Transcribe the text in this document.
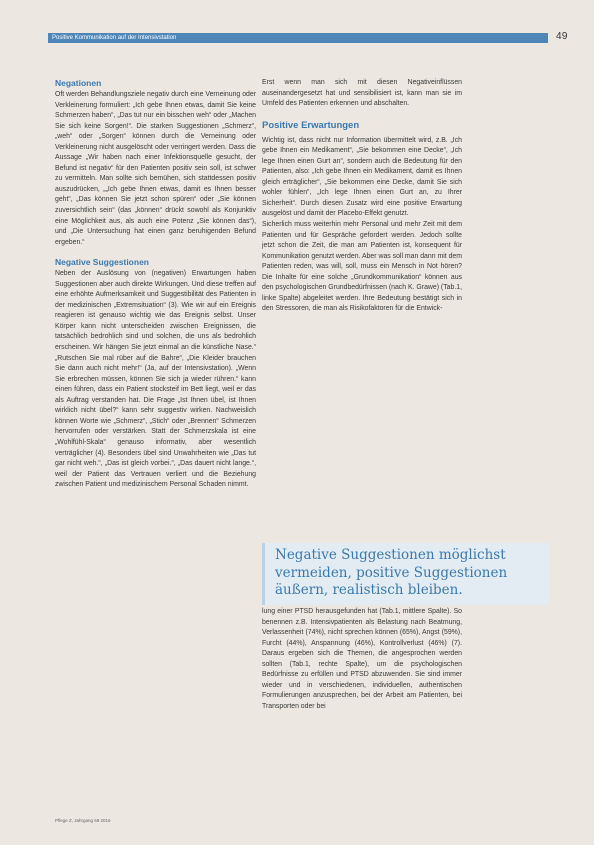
Positive Kommunikation auf der Intensivstation	49
Negationen

Oft werden Behandlungsziele negativ durch eine Verneinung oder Verkleinerung formuliert: „Ich gebe Ihnen etwas, damit Sie keine Schmerzen haben“, „Das tut nur ein bisschen weh“ oder „Machen Sie sich keine Sorgen!“. Die starken Suggestionen „Schmerz“, „weh“ oder „Sorgen“ können durch die Verneinung oder Verkleinerung nicht ausgelöscht oder verringert werden. Dass die Aussage „Wir haben nach einer Infektionsquelle gesucht, der Befund ist negativ“ für den Patienten positiv sein soll, ist schwer zu vermitteln. Man sollte sich bemühen, sich stattdessen positiv auszudrücken, „„Ich gebe Ihnen etwas, damit es Ihnen besser geht“, „Das können Sie jetzt schon spüren“ oder „Sie können zuversichtlich sein“ (das „können“ drückt sowohl als Konjunktiv eine Möglichkeit aus, als auch eine Potenz „Sie können das“), und „Die Untersuchung hat einen ganz beruhigenden Befund ergeben.“

Negative Suggestionen

Neben der Auslösung von (negativen) Erwartungen haben Suggestionen aber auch direkte Wirkungen. Und diese treffen auf eine erhöhte Aufmerksamkeit und Suggestibilität des Patienten in der medizinischen „Extremsituation“ (3). Wie wir auf ein Ereignis reagieren ist genauso wichtig wie das Ereignis selbst. Unser Körper kann nicht unterscheiden zwischen Ereignissen, die tatsächlich bedrohlich sind und solchen, die uns als bedrohlich erscheinen. Wir hängen Sie jetzt einmal an die künstliche Nase.“ „Rutschen Sie mal rüber auf die Bahre“, „Die Kleider brauchen Sie dann auch nicht mehr!“ (Ja, auf der Intensivstation). „Wenn Sie erbrechen müssen, können Sie sich ja wieder rühren.“ kann einen führen, dass ein Patient stocksteif im Bett liegt, weil er das als Auftrag verstanden hat. Die Frage „Ist Ihnen übel, ist Ihnen wirklich nicht übel?“ kann sehr suggestiv wirken. Nachweislich können Worte wie „Schmerz“, „Stich“ oder „Brennen“ Schmerzen hervorrufen oder verstärken. Statt der Schmerzskala ist eine „Wohlfühl-Skala“ genauso informativ, aber wesentlich verträglicher (4). Besonders übel sind Unwahrheiten wie „Das tut gar nicht weh.“, „Das ist gleich vorbei.“, „Das dauert nicht lange.“, weil der Patient das Vertrauen verliert und die Beziehung zwischen Patient und medizinischem Personal Schaden nimmt.

Erst wenn man sich mit diesen Negativeinflüssen auseinandergesetzt hat und sensibilisiert ist, kann man sie im Umfeld des Patienten erkennen und abschalten.

Positive Erwartungen

Wichtig ist, dass nicht nur Information übermittelt wird, z.B. „Ich gebe Ihnen ein Medikament“, „Sie bekommen eine Decke“, „Ich lege Ihnen einen Gurt an“, sondern auch die Bedeutung für den Patienten, also: „Ich gebe Ihnen ein Medikament, damit es Ihnen gleich erträglicher“, „Sie bekommen eine Decke, damit Sie sich wohler fühlen“, „Ich lege Ihnen einen Gurt an, zu Ihrer Sicherheit“. Durch diesen Zusatz wird eine positive Erwartung ausgelöst und damit der Placebo-Effekt genutzt.

Sicherlich muss weiterhin mehr Personal und mehr Zeit mit dem Patienten und für Gespräche gefordert werden. Jedoch sollte jetzt schon die Zeit, die man am Patienten ist, konsequent für Kommunikation genutzt werden. Aber was soll man dann mit dem Patienten reden, was will, soll, muss ein Mensch in Not hören? Die Inhalte für eine solche „Grundkommunikation“ können aus den psychologischen Grundbedürfnissen (nach K. Grawe) (Tab.1, linke Spalte) abgeleitet werden. Ihre Bedeutung bestätigt sich in den Stressoren, die man als Risikofaktoren für die Entwick-

Negative Suggestionen möglichst vermeiden, positive Suggestionen äußern, realistisch bleiben.

lung einer PTSD herausgefunden hat (Tab.1, mittlere Spalte). So benennen z.B. Intensivpatienten als Belastung nach Beatmung, Verlassenheit (74%), nicht sprechen können (65%), Angst (59%), Furcht (44%), Anspannung (46%), Kontrollverlust (46%) (7). Daraus ergeben sich die Themen, die angesprochen werden sollten (Tab.1, rechte Spalte), um die psychologischen Bedürfnisse zu erfüllen und PTSD abzuwenden. Sie sind immer wieder und in verschiedenen, individuellen, authentischen Formulierungen anzusprechen, bei der Arbeit am Patienten, bei Transporten oder bei

Pflege Z, Jahrgang 69 2016
